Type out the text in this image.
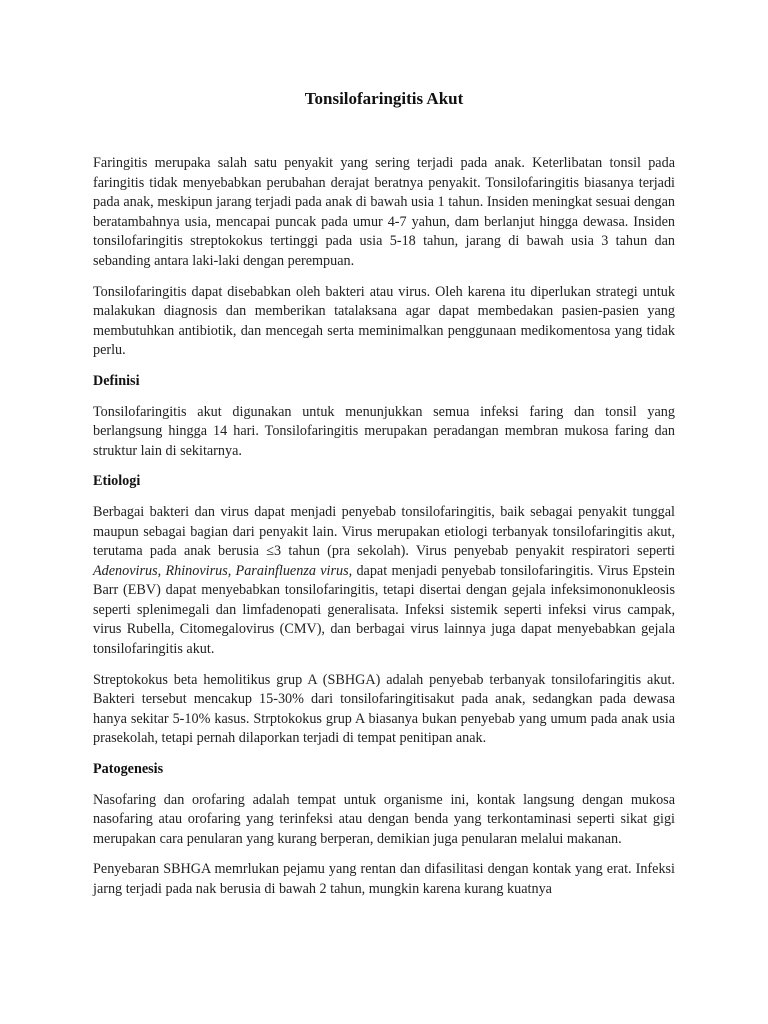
Tonsilofaringitis Akut

Faringitis merupaka salah satu penyakit yang sering terjadi pada anak. Keterlibatan tonsil pada faringitis tidak menyebabkan perubahan derajat beratnya penyakit. Tonsilofaringitis biasanya terjadi pada anak, meskipun jarang terjadi pada anak di bawah usia 1 tahun. Insiden meningkat sesuai dengan beratambahnya usia, mencapai puncak pada umur 4-7 yahun, dam berlanjut hingga dewasa. Insiden tonsilofaringitis streptokokus tertinggi pada usia 5-18 tahun, jarang di bawah usia 3 tahun dan sebanding antara laki-laki dengan perempuan.

Tonsilofaringitis dapat disebabkan oleh bakteri atau virus. Oleh karena itu diperlukan strategi untuk malakukan diagnosis dan memberikan tatalaksana agar dapat membedakan pasien-pasien yang membutuhkan antibiotik, dan mencegah serta meminimalkan penggunaan medikomentosa yang tidak perlu.

Definisi

Tonsilofaringitis akut digunakan untuk menunjukkan semua infeksi faring dan tonsil yang berlangsung hingga 14 hari. Tonsilofaringitis merupakan peradangan membran mukosa faring dan struktur lain di sekitarnya.

Etiologi

Berbagai bakteri dan virus dapat menjadi penyebab tonsilofaringitis, baik sebagai penyakit tunggal maupun sebagai bagian dari penyakit lain. Virus merupakan etiologi terbanyak tonsilofaringitis akut, terutama pada anak berusia ≤3 tahun (pra sekolah). Virus penyebab penyakit respiratori seperti Adenovirus, Rhinovirus, Parainfluenza virus, dapat menjadi penyebab tonsilofaringitis. Virus Epstein Barr (EBV) dapat menyebabkan tonsilofaringitis, tetapi disertai dengan gejala infeksimononukleosis seperti splenimegali dan limfadenopati generalisata. Infeksi sistemik seperti infeksi virus campak, virus Rubella, Citomegalovirus (CMV), dan berbagai virus lainnya juga dapat menyebabkan gejala tonsilofaringitis akut.

Streptokokus beta hemolitikus grup A (SBHGA) adalah penyebab terbanyak tonsilofaringitis akut. Bakteri tersebut mencakup 15-30% dari tonsilofaringitisakut pada anak, sedangkan pada dewasa hanya sekitar 5-10% kasus. Strptokokus grup A biasanya bukan penyebab yang umum pada anak usia prasekolah, tetapi pernah dilaporkan terjadi di tempat penitipan anak.

Patogenesis

Nasofaring dan orofaring adalah tempat untuk organisme ini, kontak langsung dengan mukosa nasofaring atau orofaring yang terinfeksi atau dengan benda yang terkontaminasi seperti sikat gigi merupakan cara penularan yang kurang berperan, demikian juga penularan melalui makanan.

Penyebaran SBHGA memrlukan pejamu yang rentan dan difasilitasi dengan kontak yang erat. Infeksi jarng terjadi pada nak berusia di bawah 2 tahun, mungkin karena kurang kuatnya
